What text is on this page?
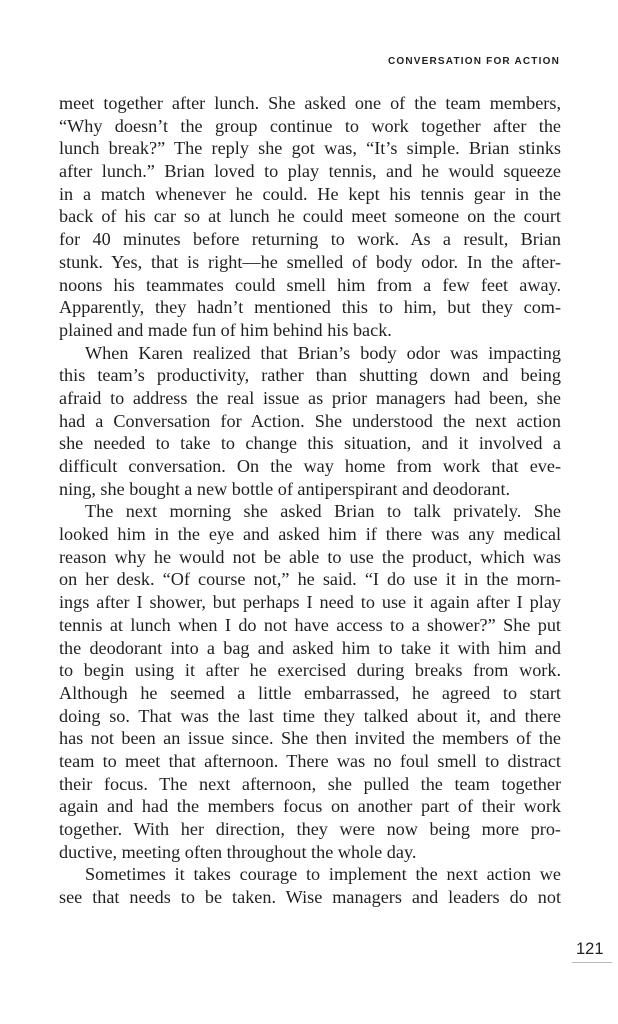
CONVERSATION FOR ACTION
meet together after lunch. She asked one of the team members,
“Why doesn’t the group continue to work together after the
lunch break?” The reply she got was, “It’s simple. Brian stinks
after lunch.” Brian loved to play tennis, and he would squeeze
in a match whenever he could. He kept his tennis gear in the
back of his car so at lunch he could meet someone on the court
for 40 minutes before returning to work. As a result, Brian
stunk. Yes, that is right—he smelled of body odor. In the after-
noons his teammates could smell him from a few feet away.
Apparently, they hadn’t mentioned this to him, but they com-
plained and made fun of him behind his back.
When Karen realized that Brian’s body odor was impacting
this team’s productivity, rather than shutting down and being
afraid to address the real issue as prior managers had been, she
had a Conversation for Action. She understood the next action
she needed to take to change this situation, and it involved a
difficult conversation. On the way home from work that eve-
ning, she bought a new bottle of antiperspirant and deodorant.
The next morning she asked Brian to talk privately. She
looked him in the eye and asked him if there was any medical
reason why he would not be able to use the product, which was
on her desk. “Of course not,” he said. “I do use it in the morn-
ings after I shower, but perhaps I need to use it again after I play
tennis at lunch when I do not have access to a shower?” She put
the deodorant into a bag and asked him to take it with him and
to begin using it after he exercised during breaks from work.
Although he seemed a little embarrassed, he agreed to start
doing so. That was the last time they talked about it, and there
has not been an issue since. She then invited the members of the
team to meet that afternoon. There was no foul smell to distract
their focus. The next afternoon, she pulled the team together
again and had the members focus on another part of their work
together. With her direction, they were now being more pro-
ductive, meeting often throughout the whole day.
Sometimes it takes courage to implement the next action we
see that needs to be taken. Wise managers and leaders do not
121
